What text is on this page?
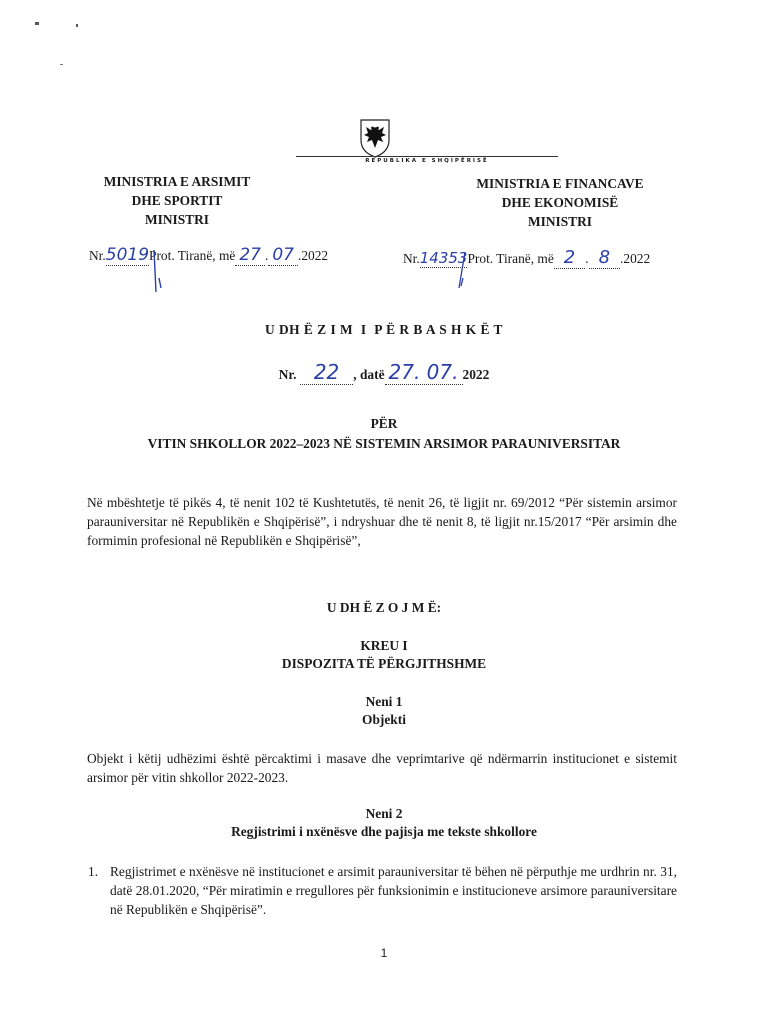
REPUBLIKA E SHQIPËRISË
MINISTRIA E ARSIMIT
DHE SPORTIT
MINISTRI
MINISTRIA E FINANCAVE
DHE EKONOMISË
MINISTRI
Nr.5019Prot. Tiranë, më 27 . 07 .2022	Nr.14353Prot. Tiranë, më 2 . 8 .2022
U DH Ë Z I M  I  P Ë R B A S H K Ë T
Nr. 22 , datë 27. 07. 2022
PËR
VITIN SHKOLLOR 2022–2023 NË SISTEMIN ARSIMOR PARAUNIVERSITAR
Në mbështetje të pikës 4, të nenit 102 të Kushtetutës, të nenit 26, të ligjit nr. 69/2012 “Për sistemin arsimor parauniversitar në Republikën e Shqipërisë”, i ndryshuar dhe të nenit 8, të ligjit nr.15/2017 “Për arsimin dhe formimin profesional në Republikën e Shqipërisë”,
U DH Ë Z O J M Ë:
KREU I
DISPOZITA TË PËRGJITHSHME
Neni 1
Objekti
Objekt i këtij udhëzimi është përcaktimi i masave dhe veprimtarive që ndërmarrin institucionet e sistemit arsimor për vitin shkollor 2022-2023.
Neni 2
Regjistrimi i nxënësve dhe pajisja me tekste shkollore
1. Regjistrimet e nxënësve në institucionet e arsimit parauniversitar të bëhen në përputhje me urdhrin nr. 31, datë 28.01.2020, “Për miratimin e rregullores për funksionimin e institucioneve arsimore parauniversitare në Republikën e Shqipërisë”.
1
